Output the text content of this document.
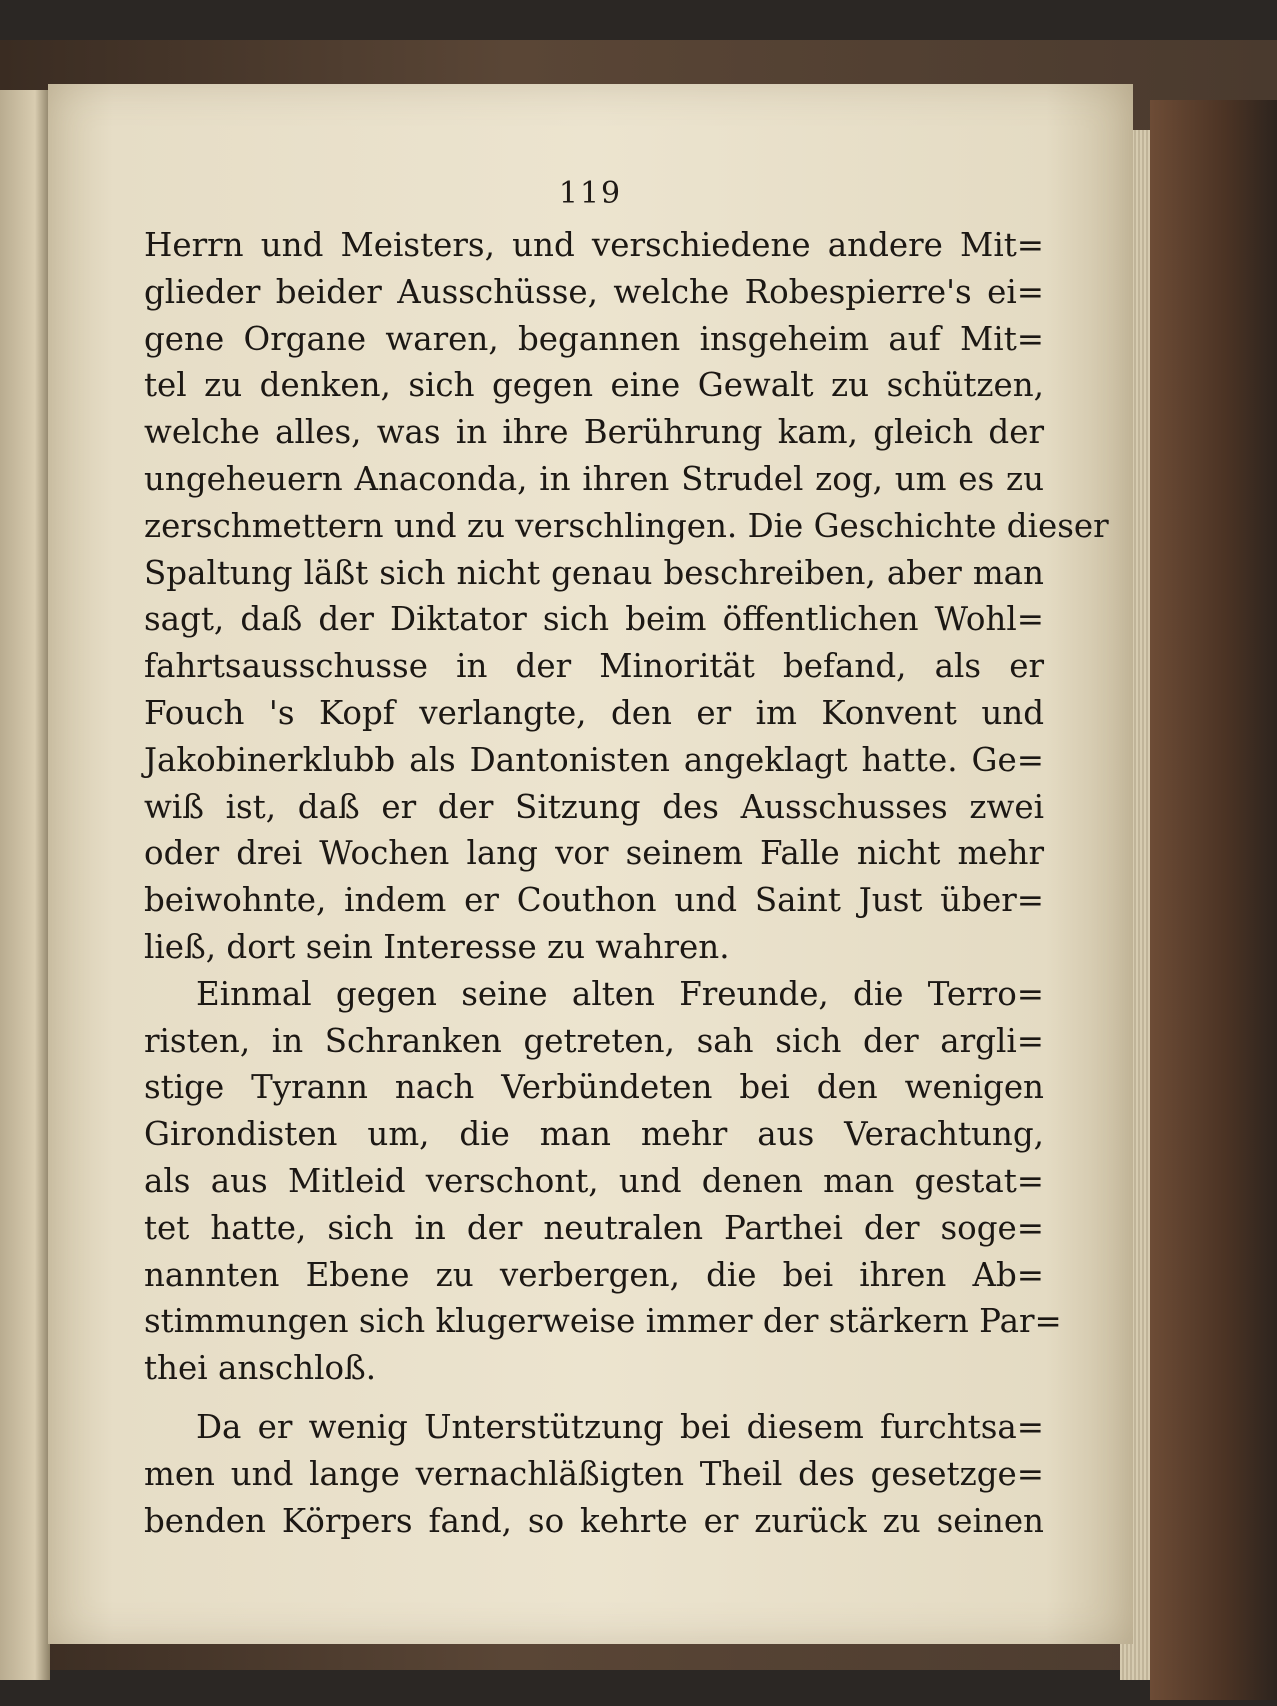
119
Herrn und Meisters, und verschiedene andere Mit=
glieder beider Ausschüsse, welche Robespierre's ei=
gene Organe waren, begannen insgeheim auf Mit=
tel zu denken, sich gegen eine Gewalt zu schützen,
welche alles, was in ihre Berührung kam, gleich der
ungeheuern Anaconda, in ihren Strudel zog, um es zu
zerschmettern und zu verschlingen. Die Geschichte dieser
Spaltung läßt sich nicht genau beschreiben, aber man
sagt, daß der Diktator sich beim öffentlichen Wohl=
fahrtsausschusse in der Minorität befand, als er
Fouch 's Kopf verlangte, den er im Konvent und
Jakobinerklubb als Dantonisten angeklagt hatte. Ge=
wiß ist, daß er der Sitzung des Ausschusses zwei
oder drei Wochen lang vor seinem Falle nicht mehr
beiwohnte, indem er Couthon und Saint Just über=
ließ, dort sein Interesse zu wahren.
Einmal gegen seine alten Freunde, die Terro=
risten, in Schranken getreten, sah sich der argli=
stige Tyrann nach Verbündeten bei den wenigen
Girondisten um, die man mehr aus Verachtung,
als aus Mitleid verschont, und denen man gestat=
tet hatte, sich in der neutralen Parthei der soge=
nannten Ebene zu verbergen, die bei ihren Ab=
stimmungen sich klugerweise immer der stärkern Par=
thei anschloß.
Da er wenig Unterstützung bei diesem furchtsa=
men und lange vernachläßigten Theil des gesetzge=
benden Körpers fand, so kehrte er zurück zu seinen
